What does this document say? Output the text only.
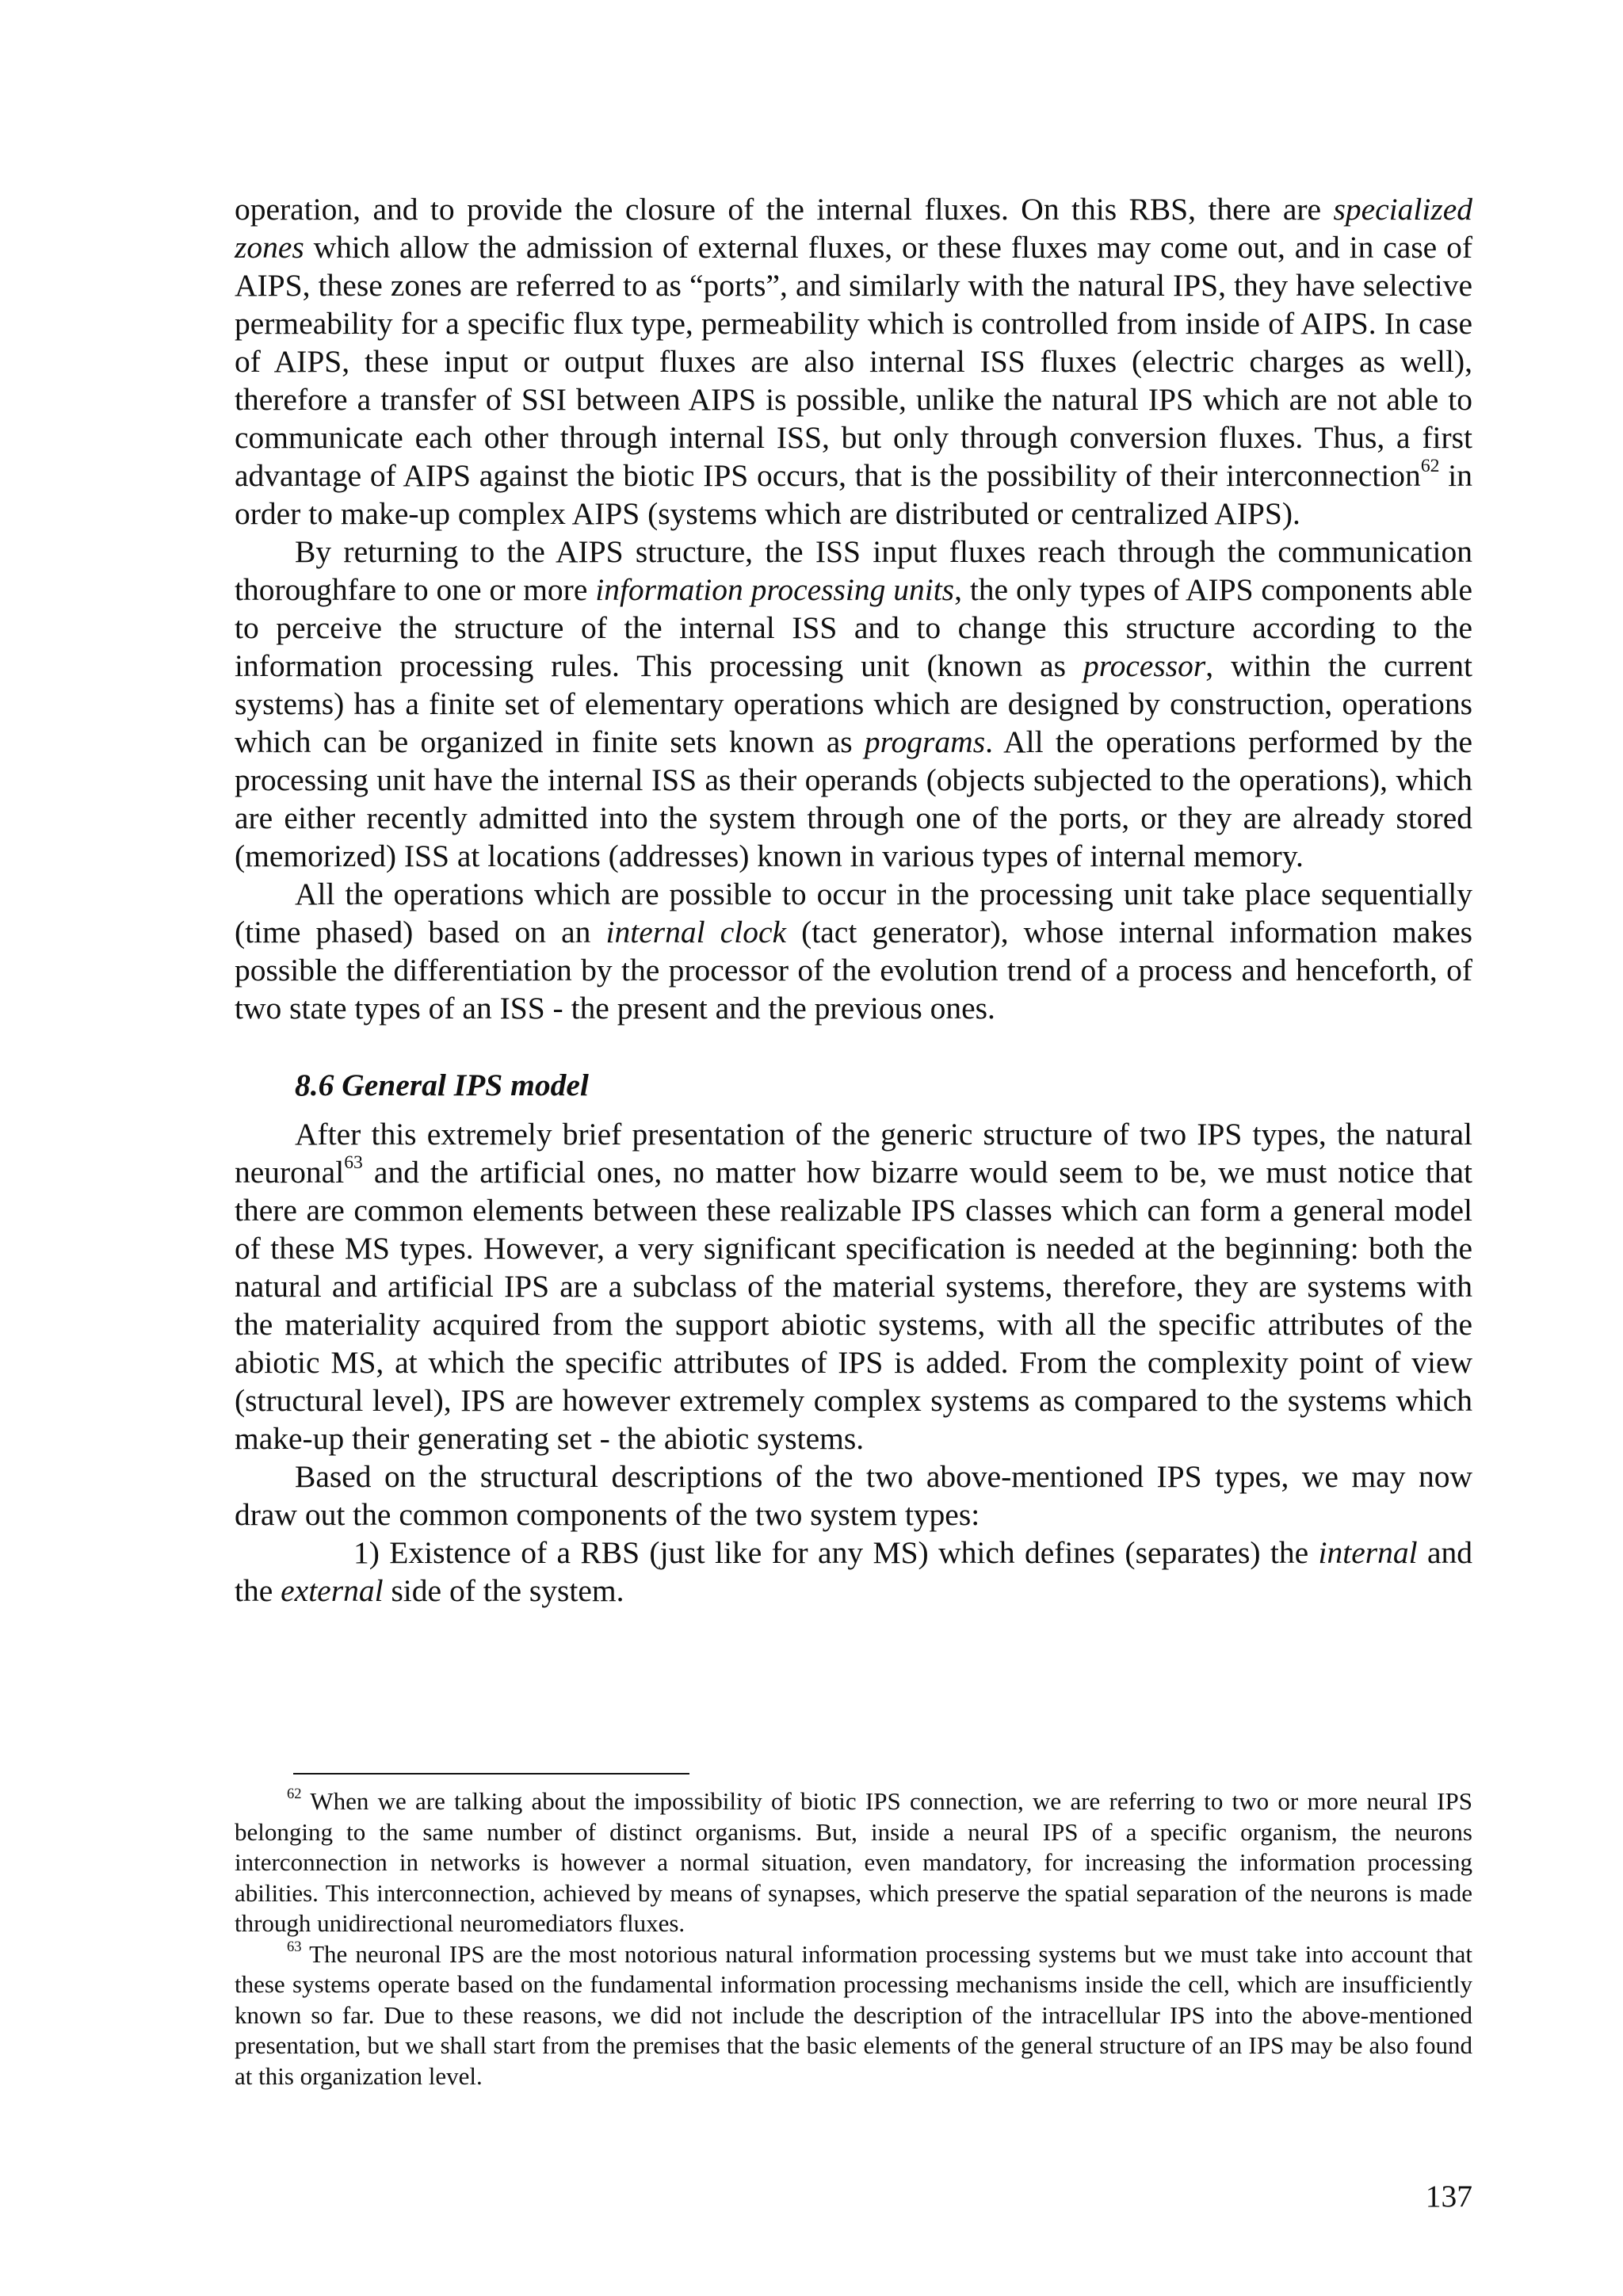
operation, and to provide the closure of the internal fluxes. On this RBS, there are specialized zones which allow the admission of external fluxes, or these fluxes may come out, and in case of AIPS, these zones are referred to as “ports”, and similarly with the natural IPS, they have selective permeability for a specific flux type, permeability which is controlled from inside of AIPS. In case of AIPS, these input or output fluxes are also internal ISS fluxes (electric charges as well), therefore a transfer of SSI between AIPS is possible, unlike the natural IPS which are not able to communicate each other through internal ISS, but only through conversion fluxes. Thus, a first advantage of AIPS against the biotic IPS occurs, that is the possibility of their interconnection$^{62}$ in order to make-up complex AIPS (systems which are distributed or centralized AIPS).

By returning to the AIPS structure, the ISS input fluxes reach through the communication thoroughfare to one or more information processing units, the only types of AIPS components able to perceive the structure of the internal ISS and to change this structure according to the information processing rules. This processing unit (known as processor, within the current systems) has a finite set of elementary operations which are designed by construction, operations which can be organized in finite sets known as programs. All the operations performed by the processing unit have the internal ISS as their operands (objects subjected to the operations), which are either recently admitted into the system through one of the ports, or they are already stored (memorized) ISS at locations (addresses) known in various types of internal memory.

All the operations which are possible to occur in the processing unit take place sequentially (time phased) based on an internal clock (tact generator), whose internal information makes possible the differentiation by the processor of the evolution trend of a process and henceforth, of two state types of an ISS - the present and the previous ones.

8.6 General IPS model

After this extremely brief presentation of the generic structure of two IPS types, the natural neuronal$^{63}$ and the artificial ones, no matter how bizarre would seem to be, we must notice that there are common elements between these realizable IPS classes which can form a general model of these MS types. However, a very significant specification is needed at the beginning: both the natural and artificial IPS are a subclass of the material systems, therefore, they are systems with the materiality acquired from the support abiotic systems, with all the specific attributes of the abiotic MS, at which the specific attributes of IPS is added. From the complexity point of view (structural level), IPS are however extremely complex systems as compared to the systems which make-up their generating set - the abiotic systems.

Based on the structural descriptions of the two above-mentioned IPS types, we may now draw out the common components of the two system types:

1) Existence of a RBS (just like for any MS) which defines (separates) the internal and the external side of the system.

$^{62}$ When we are talking about the impossibility of biotic IPS connection, we are referring to two or more neural IPS belonging to the same number of distinct organisms. But, inside a neural IPS of a specific organism, the neurons interconnection in networks is however a normal situation, even mandatory, for increasing the information processing abilities. This interconnection, achieved by means of synapses, which preserve the spatial separation of the neurons is made through unidirectional neuromediators fluxes.

$^{63}$ The neuronal IPS are the most notorious natural information processing systems but we must take into account that these systems operate based on the fundamental information processing mechanisms inside the cell, which are insufficiently known so far. Due to these reasons, we did not include the description of the intracellular IPS into the above-mentioned presentation, but we shall start from the premises that the basic elements of the general structure of an IPS may be also found at this organization level.

137
